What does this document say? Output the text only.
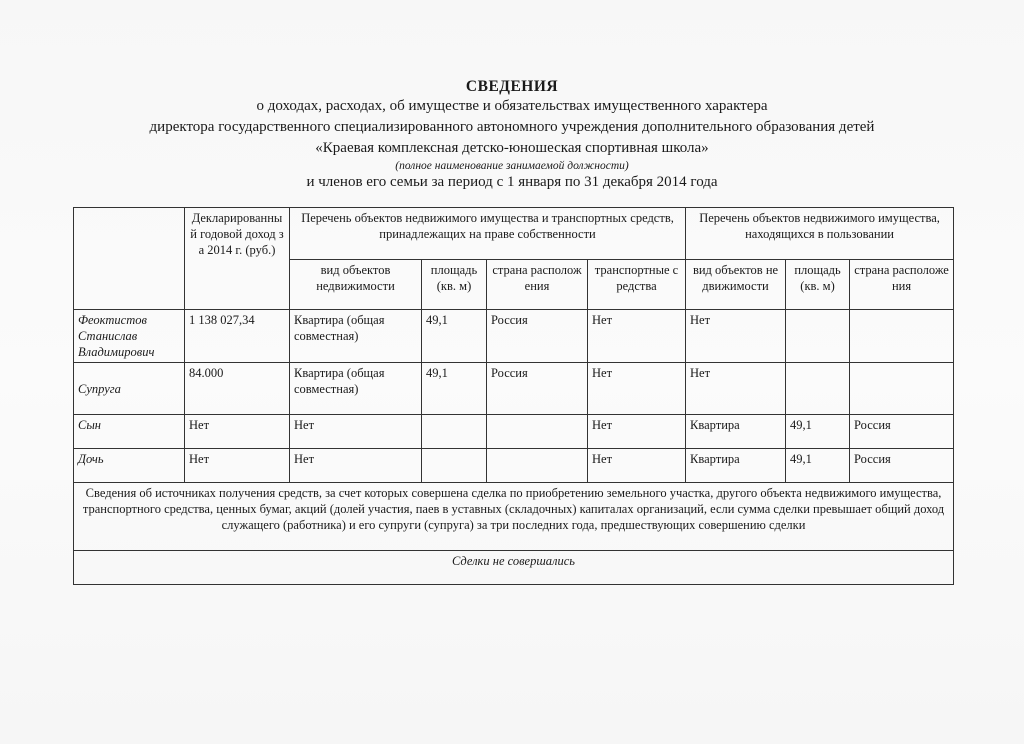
СВЕДЕНИЯ
о доходах, расходах, об имуществе и обязательствах имущественного характера
директора государственного специализированного автономного учреждения дополнительного образования детей
«Краевая комплексная детско-юношеская спортивная школа»
(полное наименование занимаемой должности)
и членов его семьи за период с 1 января по 31 декабря 2014 года
	Декларированный годовой доход за 2014 г. (руб.)	Перечень объектов недвижимого имущества и транспортных средств, принадлежащих на праве собственности				Перечень объектов недвижимого имущества, находящихся в пользовании		
		вид объектов недвижимости	площадь (кв. м)	страна расположения	транспортные средства	вид объектов недвижимости	площадь (кв. м)	страна расположения
Феоктистов Станислав Владимирович	1 138 027,34	Квартира (общая совместная)	49,1	Россия	Нет	Нет		
Супруга	84.000	Квартира (общая совместная)	49,1	Россия	Нет	Нет		
Сын	Нет	Нет			Нет	Квартира	49,1	Россия
Дочь	Нет	Нет			Нет	Квартира	49,1	Россия
Сведения об источниках получения средств, за счет которых совершена сделка по приобретению земельного участка, другого объекта недвижимого имущества, транспортного средства, ценных бумаг, акций (долей участия, паев в уставных (складочных) капиталах организаций, если сумма сделки превышает общий доход служащего (работника) и его супруги (супруга) за три последних года, предшествующих совершению сделки								
Сделки не совершались								
